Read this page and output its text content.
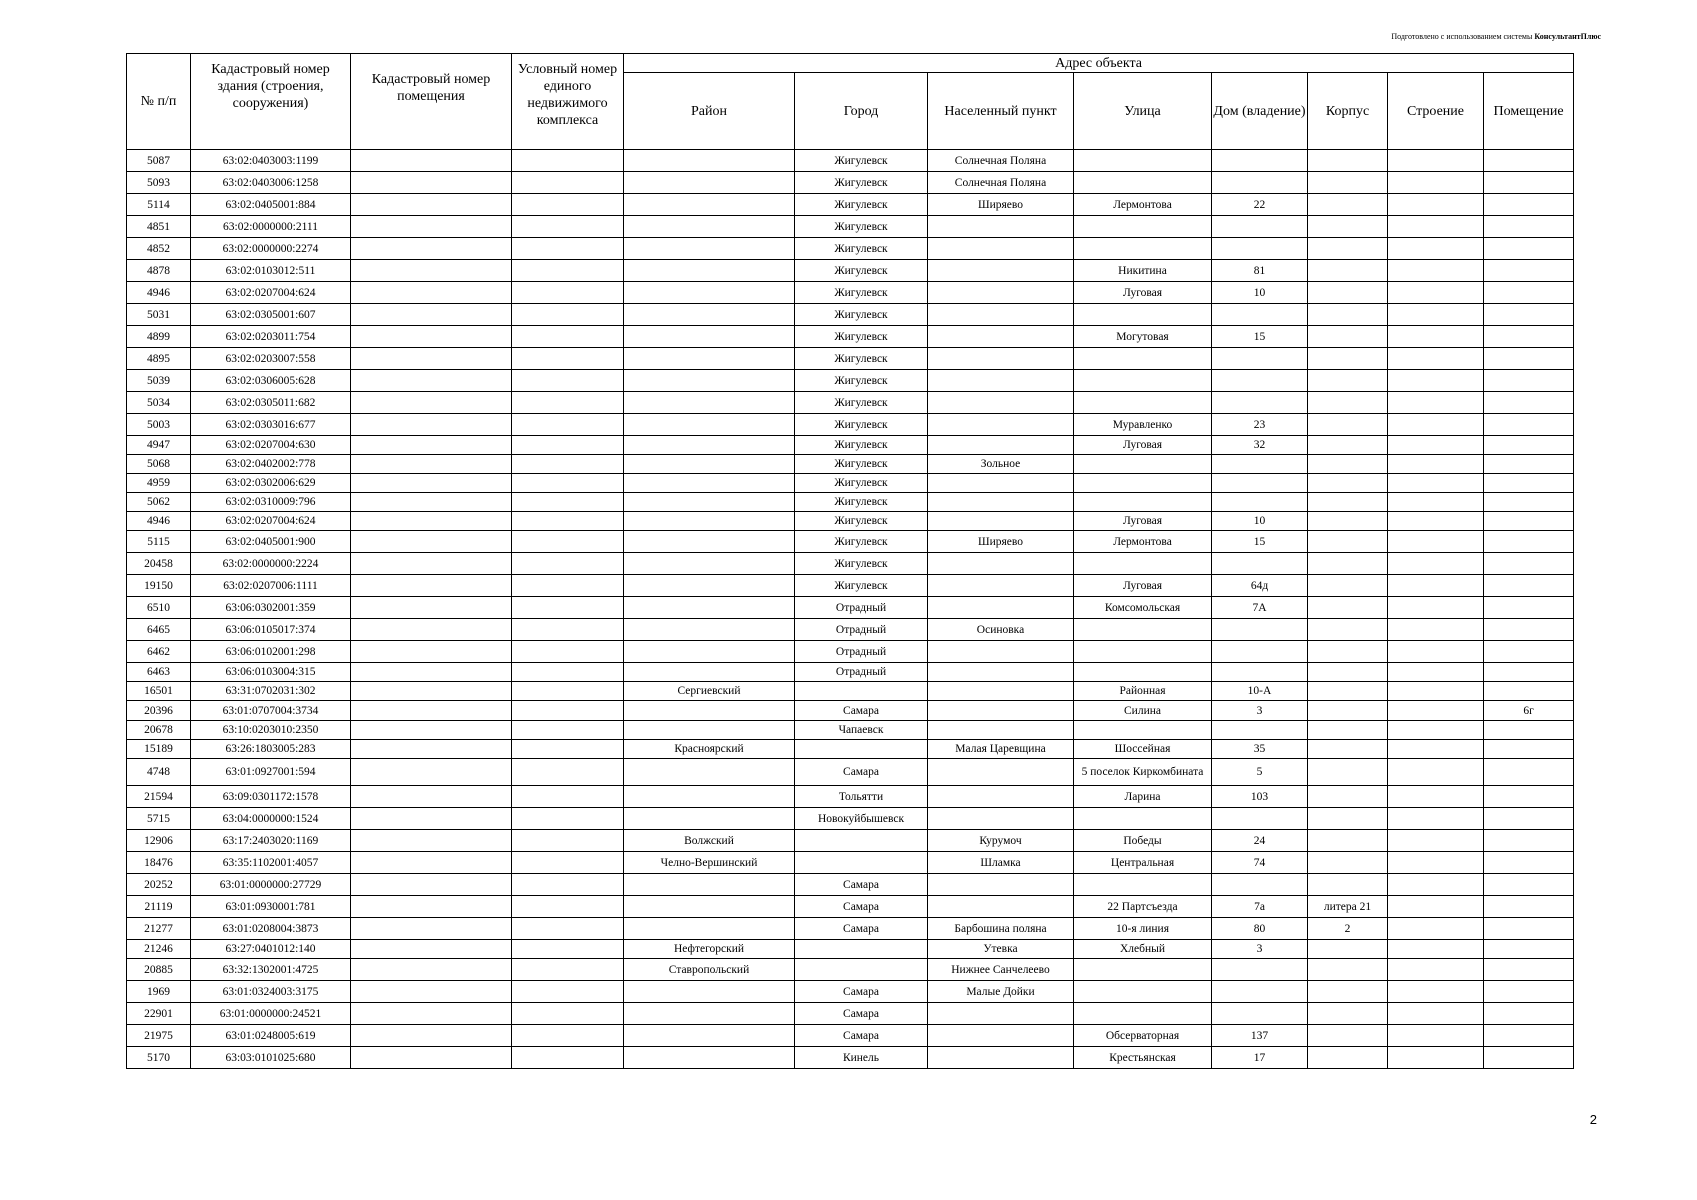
Подготовлено с использованием системы КонсультантПлюс
№ п/п	Кадастровый номер здания (строения, сооружения)	Кадастровый номер помещения	Условный номер единого недвижимого комплекса	Адрес объекта							
				Район	Город	Населенный пункт	Улица	Дом (владение)	Корпус	Строение	Помещение
5087	63:02:0403003:1199				Жигулевск	Солнечная Поляна					
5093	63:02:0403006:1258				Жигулевск	Солнечная Поляна					
5114	63:02:0405001:884				Жигулевск	Ширяево	Лермонтова	22			
4851	63:02:0000000:2111				Жигулевск						
4852	63:02:0000000:2274				Жигулевск						
4878	63:02:0103012:511				Жигулевск		Никитина	81			
4946	63:02:0207004:624				Жигулевск		Луговая	10			
5031	63:02:0305001:607				Жигулевск						
4899	63:02:0203011:754				Жигулевск		Могутовая	15			
4895	63:02:0203007:558				Жигулевск						
5039	63:02:0306005:628				Жигулевск						
5034	63:02:0305011:682				Жигулевск						
5003	63:02:0303016:677				Жигулевск		Муравленко	23			
4947	63:02:0207004:630				Жигулевск		Луговая	32			
5068	63:02:0402002:778				Жигулевск	Зольное					
4959	63:02:0302006:629				Жигулевск						
5062	63:02:0310009:796				Жигулевск						
4946	63:02:0207004:624				Жигулевск		Луговая	10			
5115	63:02:0405001:900				Жигулевск	Ширяево	Лермонтова	15			
20458	63:02:0000000:2224				Жигулевск						
19150	63:02:0207006:1111				Жигулевск		Луговая	64д			
6510	63:06:0302001:359				Отрадный		Комсомольская	7А			
6465	63:06:0105017:374				Отрадный	Осиновка					
6462	63:06:0102001:298				Отрадный						
6463	63:06:0103004:315				Отрадный						
16501	63:31:0702031:302			Сергиевский			Районная	10-А			
20396	63:01:0707004:3734				Самара		Силина	3			6г
20678	63:10:0203010:2350				Чапаевск						
15189	63:26:1803005:283			Красноярский		Малая Царевщина	Шоссейная	35			
4748	63:01:0927001:594				Самара		5 поселок Киркомбината	5			
21594	63:09:0301172:1578				Тольятти		Ларина	103			
5715	63:04:0000000:1524				Новокуйбышевск						
12906	63:17:2403020:1169			Волжский		Курумоч	Победы	24			
18476	63:35:1102001:4057			Челно-Вершинский		Шламка	Центральная	74			
20252	63:01:0000000:27729				Самара						
21119	63:01:0930001:781				Самара		22 Партсъезда	7а	литера 21		
21277	63:01:0208004:3873				Самара	Барбошина поляна	10-я линия	80	2		
21246	63:27:0401012:140			Нефтегорский		Утевка	Хлебный	3			
20885	63:32:1302001:4725			Ставропольский		Нижнее Санчелеево					
1969	63:01:0324003:3175				Самара	Малые Дойки					
22901	63:01:0000000:24521				Самара						
21975	63:01:0248005:619				Самара		Обсерваторная	137			
5170	63:03:0101025:680				Кинель		Крестьянская	17			
2
